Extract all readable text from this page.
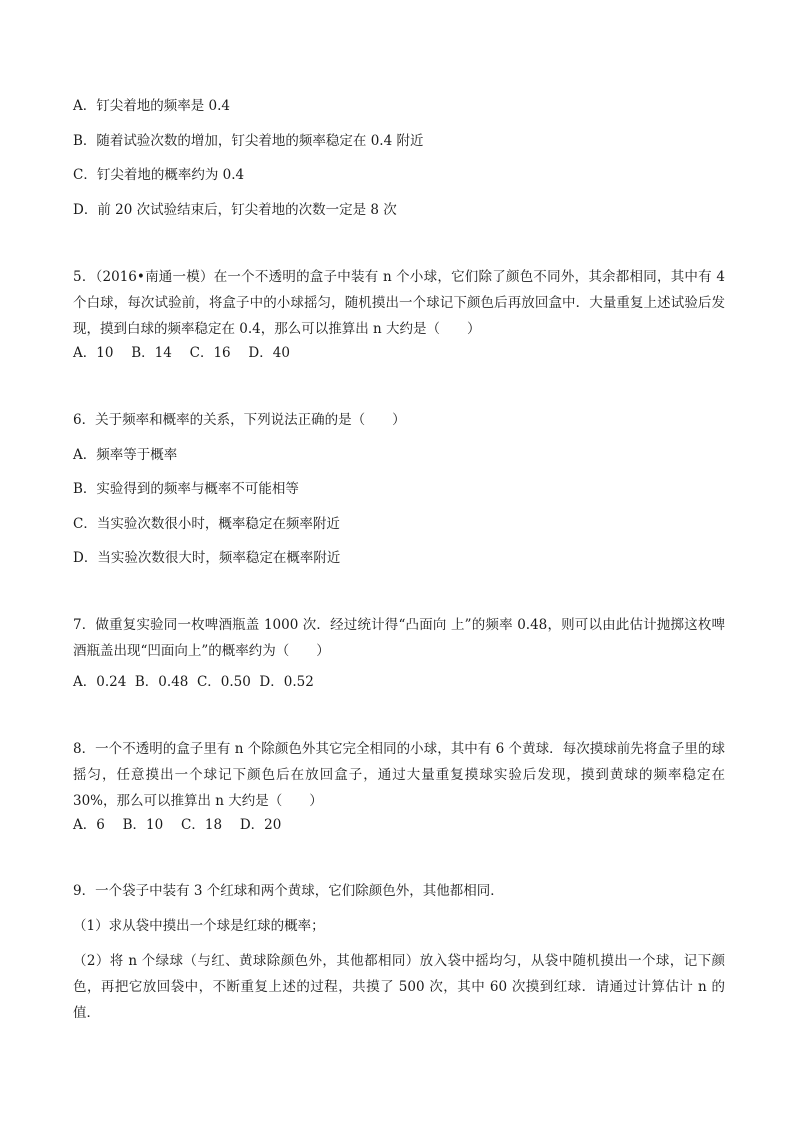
A．钉尖着地的频率是 0.4
B．随着试验次数的增加，钉尖着地的频率稳定在 0.4 附近
C．钉尖着地的概率约为 0.4
D．前 20 次试验结束后，钉尖着地的次数一定是 8 次
5．（2016•南通一模）在一个不透明的盒子中装有 n 个小球，它们除了颜色不同外，其余都相同，其中有 4 个白球，每次试验前，将盒子中的小球摇匀，随机摸出一个球记下颜色后再放回盒中．大量重复上述试验后发现，摸到白球的频率稳定在 0.4，那么可以推算出 n 大约是（　　）
A．10　 B．14　 C．16　 D．40
6．关于频率和概率的关系，下列说法正确的是（　　）
A．频率等于概率
B．实验得到的频率与概率不可能相等
C．当实验次数很小时，概率稳定在频率附近
D．当实验次数很大时，频率稳定在概率附近
7．做重复实验同一枚啤酒瓶盖 1000 次．经过统计得“凸面向 上”的频率 0.48，则可以由此估计抛掷这枚啤酒瓶盖出现“凹面向上”的概率约为（　　）
A．0.24  B．0.48  C．0.50  D．0.52
8．一个不透明的盒子里有 n 个除颜色外其它完全相同的小球，其中有 6 个黄球．每次摸球前先将盒子里的球摇匀，任意摸出一个球记下颜色后在放回盒子，通过大量重复摸球实验后发现，摸到黄球的频率稳定在 30%，那么可以推算出 n 大约是（　　）
A．6　 B．10　 C．18　 D．20
9．一个袋子中装有 3 个红球和两个黄球，它们除颜色外，其他都相同．
（1）求从袋中摸出一个球是红球的概率；
（2）将 n 个绿球（与红、黄球除颜色外，其他都相同）放入袋中摇均匀，从袋中随机摸出一个球，记下颜色，再把它放回袋中，不断重复上述的过程，共摸了 500 次，其中 60 次摸到红球．请通过计算估计 n 的值．
